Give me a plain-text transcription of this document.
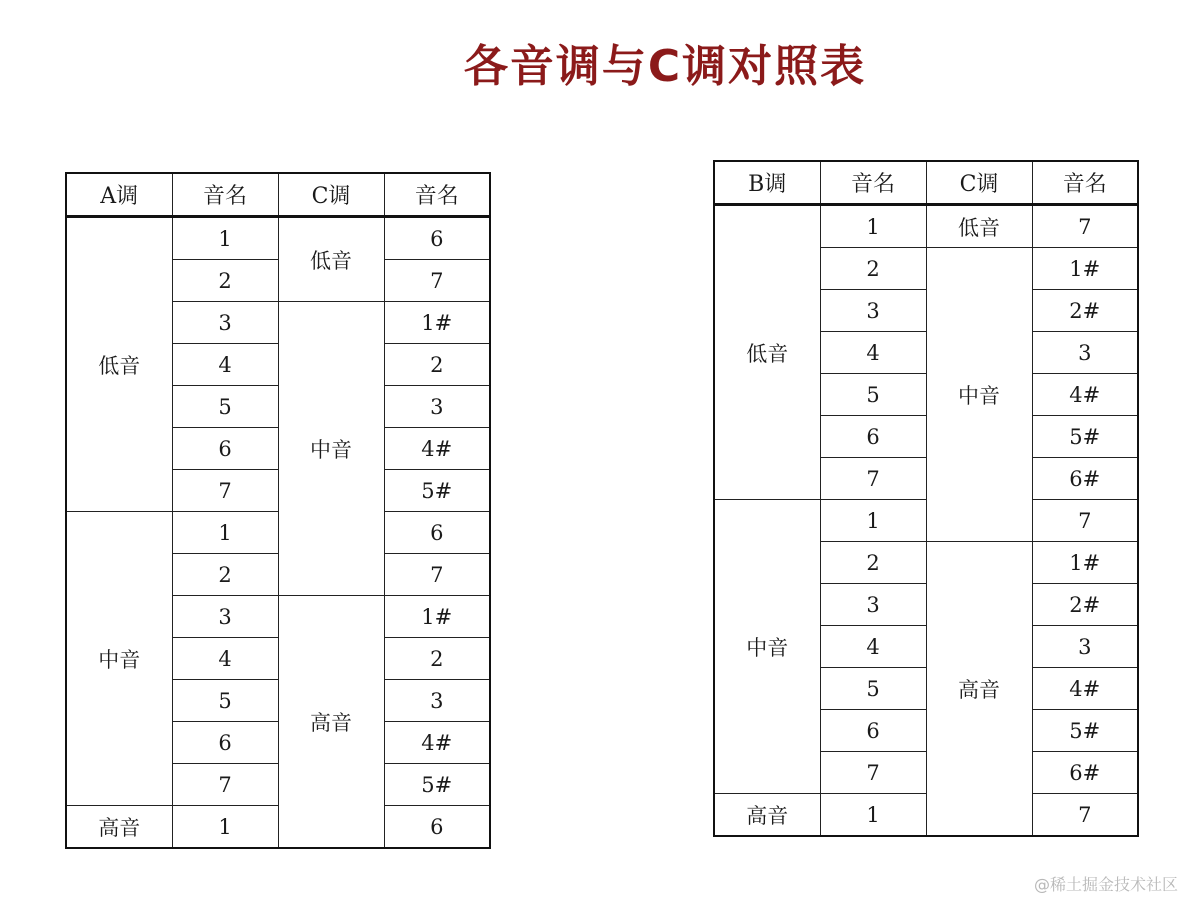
各音调与C调对照表
A调	音名	C调	音名
低音	1	低音	6
	2		7
	3	中音	1#
	4		2
	5		3
	6		4#
	7		5#
中音	1		6
	2		7
	3	高音	1#
	4		2
	5		3
	6		4#
	7		5#
高音	1		6
B调	音名	C调	音名
低音	1	低音	7
	2	中音	1#
	3		2#
	4		3
	5		4#
	6		5#
	7		6#
中音	1		7
	2	高音	1#
	3		2#
	4		3
	5		4#
	6		5#
	7		6#
高音	1		7
@稀土掘金技术社区
